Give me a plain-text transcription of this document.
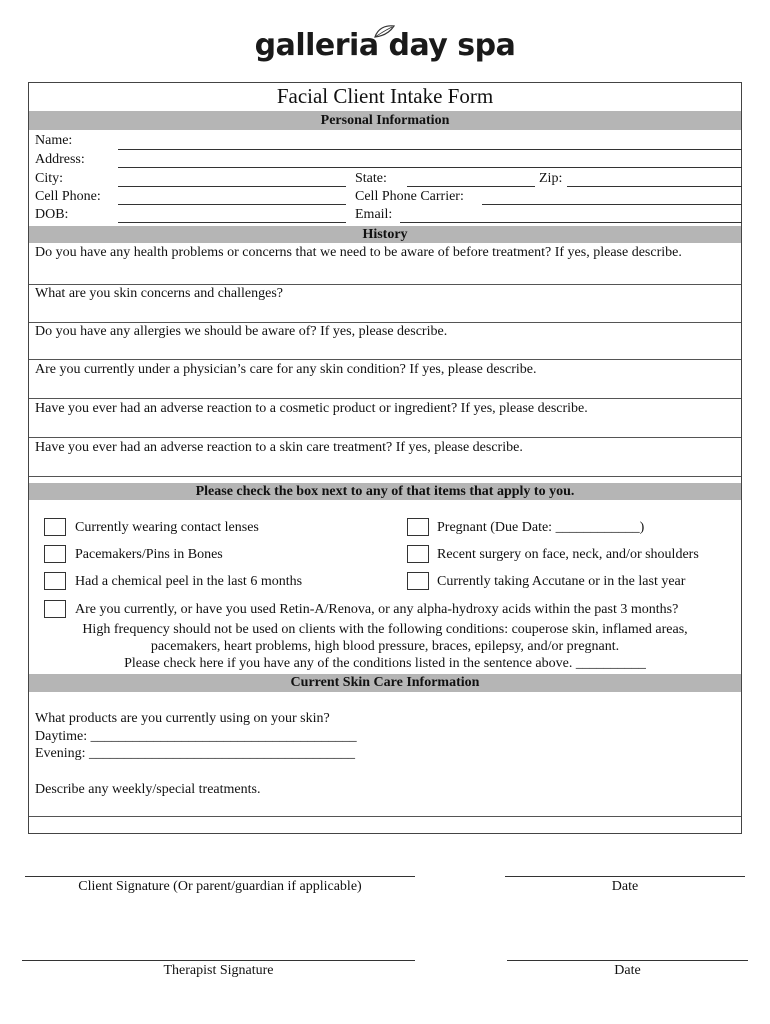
galleria day spa
Facial Client Intake Form
Personal Information
Name:
Address:
City:	State:	Zip:
Cell Phone:	Cell Phone Carrier:
DOB:	Email:
History
Do you have any health problems or concerns that we need to be aware of before treatment? If yes, please describe.
What are you skin concerns and challenges?
Do you have any allergies we should be aware of? If yes, please describe.
Are you currently under a physician’s care for any skin condition? If yes, please describe.
Have you ever had an adverse reaction to a cosmetic product or ingredient? If yes, please describe.
Have you ever had an adverse reaction to a skin care treatment? If yes, please describe.
Please check the box next to any of that items that apply to you.
Currently wearing contact lenses	Pregnant (Due Date: ____________)
Pacemakers/Pins in Bones	Recent surgery on face, neck, and/or shoulders
Had a chemical peel in the last 6 months	Currently taking Accutane or in the last year
Are you currently, or have you used Retin-A/Renova, or any alpha-hydroxy acids within the past 3 months?
High frequency should not be used on clients with the following conditions: couperose skin, inflamed areas,
pacemakers, heart problems, high blood pressure, braces, epilepsy, and/or pregnant.
Please check here if you have any of the conditions listed in the sentence above. __________
Current Skin Care Information
What products are you currently using on your skin?
Daytime: ______________________________________
Evening: ______________________________________
Describe any weekly/special treatments.
Client Signature (Or parent/guardian if applicable)	Date
Therapist Signature	Date
